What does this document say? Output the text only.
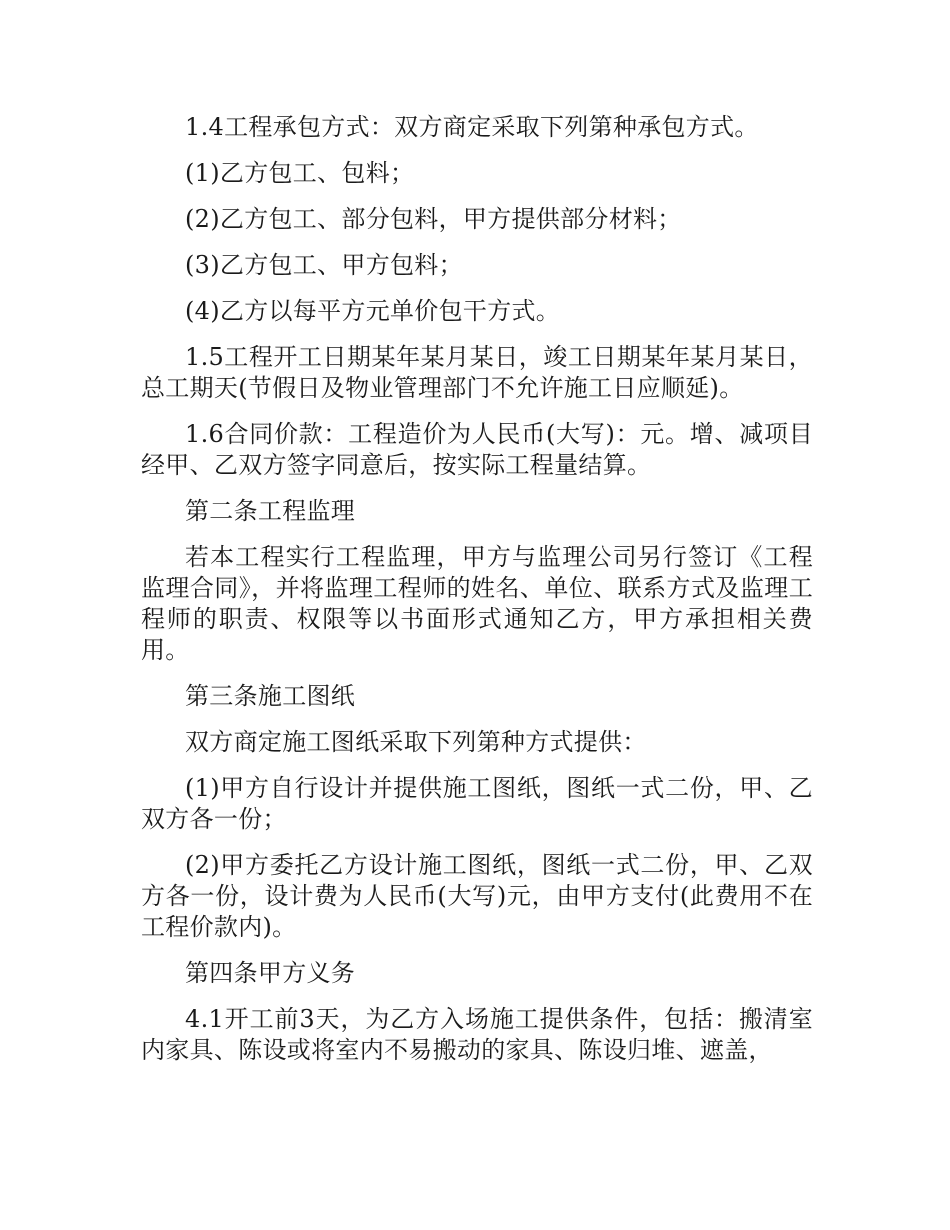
1.4工程承包方式：双方商定采取下列第种承包方式。

(1)乙方包工、包料；

(2)乙方包工、部分包料，甲方提供部分材料；

(3)乙方包工、甲方包料；

(4)乙方以每平方元单价包干方式。

1.5工程开工日期某年某月某日，竣工日期某年某月某日，总工期天(节假日及物业管理部门不允许施工日应顺延)。

1.6合同价款：工程造价为人民币(大写)：元。增、减项目经甲、乙双方签字同意后，按实际工程量结算。

第二条工程监理

若本工程实行工程监理，甲方与监理公司另行签订《工程监理合同》，并将监理工程师的姓名、单位、联系方式及监理工程师的职责、权限等以书面形式通知乙方，甲方承担相关费用。

第三条施工图纸

双方商定施工图纸采取下列第种方式提供：

(1)甲方自行设计并提供施工图纸，图纸一式二份，甲、乙双方各一份；

(2)甲方委托乙方设计施工图纸，图纸一式二份，甲、乙双方各一份，设计费为人民币(大写)元，由甲方支付(此费用不在工程价款内)。

第四条甲方义务

4.1开工前3天，为乙方入场施工提供条件，包括：搬清室内家具、陈设或将室内不易搬动的家具、陈设归堆、遮盖，
